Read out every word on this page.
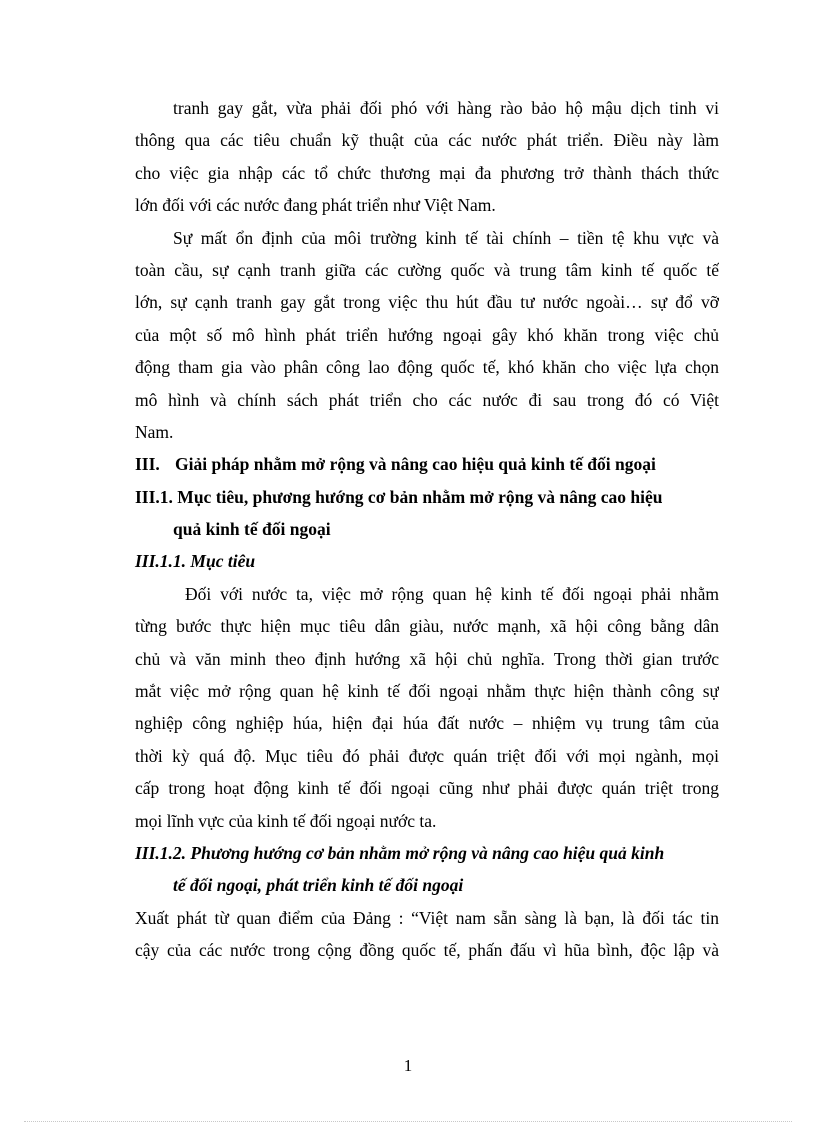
tranh gay gắt, vừa phải đối phó với hàng rào bảo hộ mậu dịch tinh vi
thông qua các tiêu chuẩn kỹ thuật của các nước phát triển. Điều này làm
cho việc gia nhập các tổ chức thương mại đa phương trở thành thách thức
lớn đối với các nước đang phát triển như Việt Nam.
Sự mất ổn định của môi trường kinh tế tài chính – tiền tệ khu vực và
toàn cầu, sự cạnh tranh giữa các cường quốc và trung tâm kinh tế quốc tế
lớn, sự cạnh tranh gay gắt trong việc thu hút đầu tư nước ngoài… sự đổ vỡ
của một số mô hình phát triển hướng ngoại gây khó khăn trong việc chủ
động tham gia vào phân công lao động quốc tế, khó khăn cho việc lựa chọn
mô hình và chính sách phát triển cho các nước đi sau trong đó có Việt
Nam.
III. Giải pháp nhằm mở rộng và nâng cao hiệu quả kinh tế đối ngoại
III.1. Mục tiêu, phương hướng cơ bản nhằm mở rộng và nâng cao hiệu
quả kinh tế đối ngoại
III.1.1. Mục tiêu
Đối với nước ta, việc mở rộng quan hệ kinh tế đối ngoại phải nhằm
từng bước thực hiện mục tiêu dân giàu, nước mạnh, xã hội công bằng dân
chủ và văn minh theo định hướng xã hội chủ nghĩa. Trong thời gian trước
mắt việc mở rộng quan hệ kinh tế đối ngoại nhằm thực hiện thành công sự
nghiệp công nghiệp húa, hiện đại húa đất nước – nhiệm vụ trung tâm của
thời kỳ quá độ. Mục tiêu đó phải được quán triệt đối với mọi ngành, mọi
cấp trong hoạt động kinh tế đối ngoại cũng như phải được quán triệt trong
mọi lĩnh vực của kinh tế đối ngoại nước ta.
III.1.2. Phương hướng cơ bản nhằm mở rộng và nâng cao hiệu quả kinh
tế đối ngoại, phát triển kinh tế đối ngoại
Xuất phát từ quan điểm của Đảng : “Việt nam sẵn sàng là bạn, là đối tác tin
cậy của các nước trong cộng đồng quốc tế, phấn đấu vì hũa bình, độc lập và
1
